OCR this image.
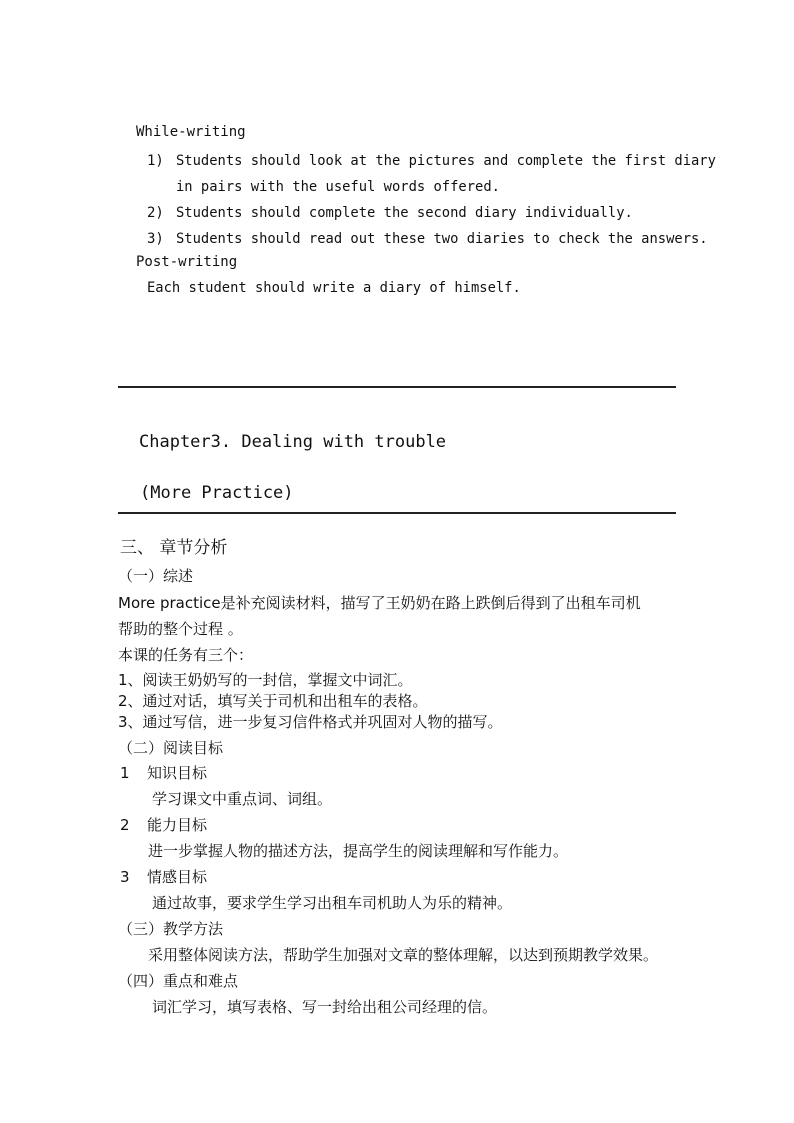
While-writing
1) Students should look at the pictures and complete the first diary
in pairs with the useful words offered.
2) Students should complete the second diary individually.
3) Students should read out these two diaries to check the answers.
Post-writing
Each student should write a diary of himself.
Chapter3. Dealing with trouble
(More Practice)
三、 章节分析
（一）综述
More practice是补充阅读材料，描写了王奶奶在路上跌倒后得到了出租车司机
帮助的整个过程 。
本课的任务有三个：
1、阅读王奶奶写的一封信，掌握文中词汇。
2、通过对话，填写关于司机和出租车的表格。
3、通过写信，进一步复习信件格式并巩固对人物的描写。
（二）阅读目标
1 知识目标
学习课文中重点词、词组。
2 能力目标
进一步掌握人物的描述方法，提高学生的阅读理解和写作能力。
3 情感目标
通过故事，要求学生学习出租车司机助人为乐的精神。
（三）教学方法
采用整体阅读方法，帮助学生加强对文章的整体理解，以达到预期教学效果。
（四）重点和难点
词汇学习，填写表格、写一封给出租公司经理的信。
